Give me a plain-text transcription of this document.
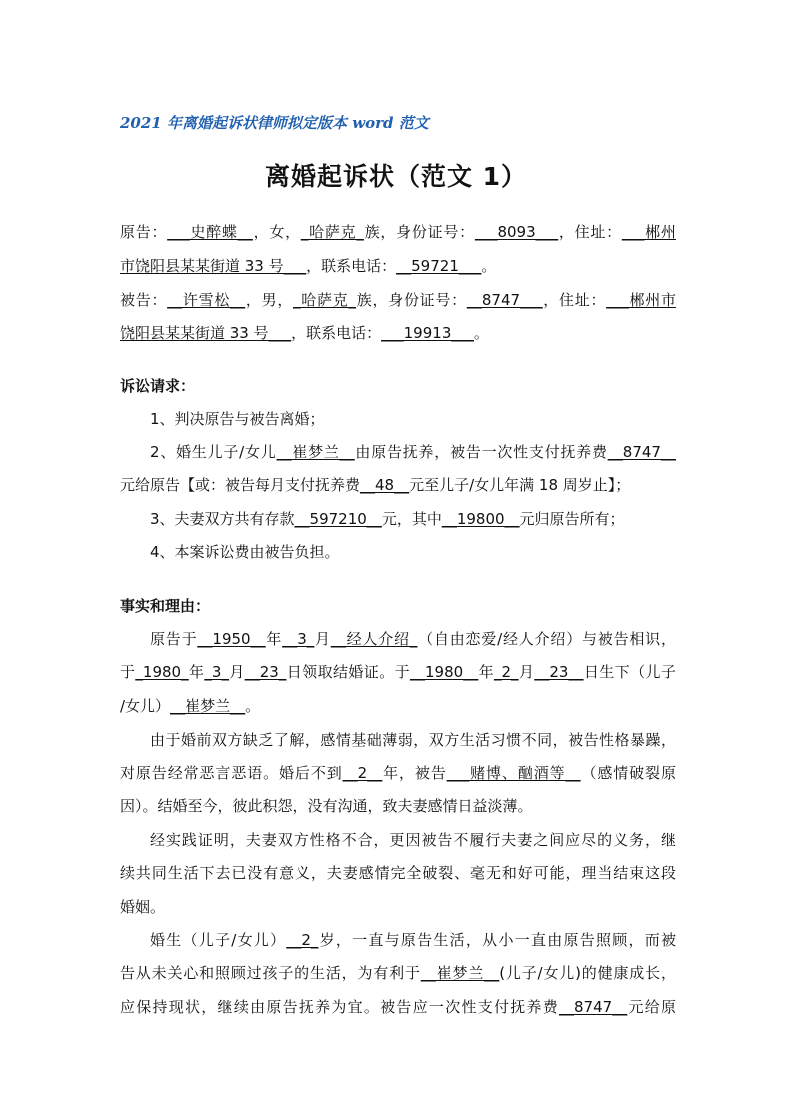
2021 年离婚起诉状律师拟定版本 word 范文
离婚起诉状（范文 1）
原告：___史醉蝶__，女，_哈萨克_族，身份证号：___8093___，住址：___郴州
市饶阳县某某街道 33 号___，联系电话：__59721___。
被告：__许雪松__，男，_哈萨克_族，身份证号：__8747___，住址：___郴州市
饶阳县某某街道 33 号___，联系电话：___19913___。
诉讼请求：
1、判决原告与被告离婚；
2、婚生儿子/女儿__崔梦兰__由原告抚养，被告一次性支付抚养费__8747__
元给原告【或：被告每月支付抚养费__48__元至儿子/女儿年满 18 周岁止】；
3、夫妻双方共有存款__597210__元，其中__19800__元归原告所有；
4、本案诉讼费由被告负担。
事实和理由：
原告于__1950__年__3_月__经人介绍_（自由恋爱/经人介绍）与被告相识，
于_1980_年_3_月__23_日领取结婚证。于__1980__年_2_月__23__日生下（儿子
/女儿）__崔梦兰__。
由于婚前双方缺乏了解，感情基础薄弱，双方生活习惯不同，被告性格暴躁，
对原告经常恶言恶语。婚后不到__2__年，被告___赌博、酗酒等__（感情破裂原
因）。结婚至今，彼此积怨，没有沟通，致夫妻感情日益淡薄。
经实践证明，夫妻双方性格不合，更因被告不履行夫妻之间应尽的义务，继
续共同生活下去已没有意义，夫妻感情完全破裂、毫无和好可能，理当结束这段
婚姻。
婚生（儿子/女儿）__2_岁，一直与原告生活，从小一直由原告照顾，而被
告从未关心和照顾过孩子的生活，为有利于__崔梦兰__(儿子/女儿)的健康成长，
应保持现状，继续由原告抚养为宜。被告应一次性支付抚养费__8747__元给原
